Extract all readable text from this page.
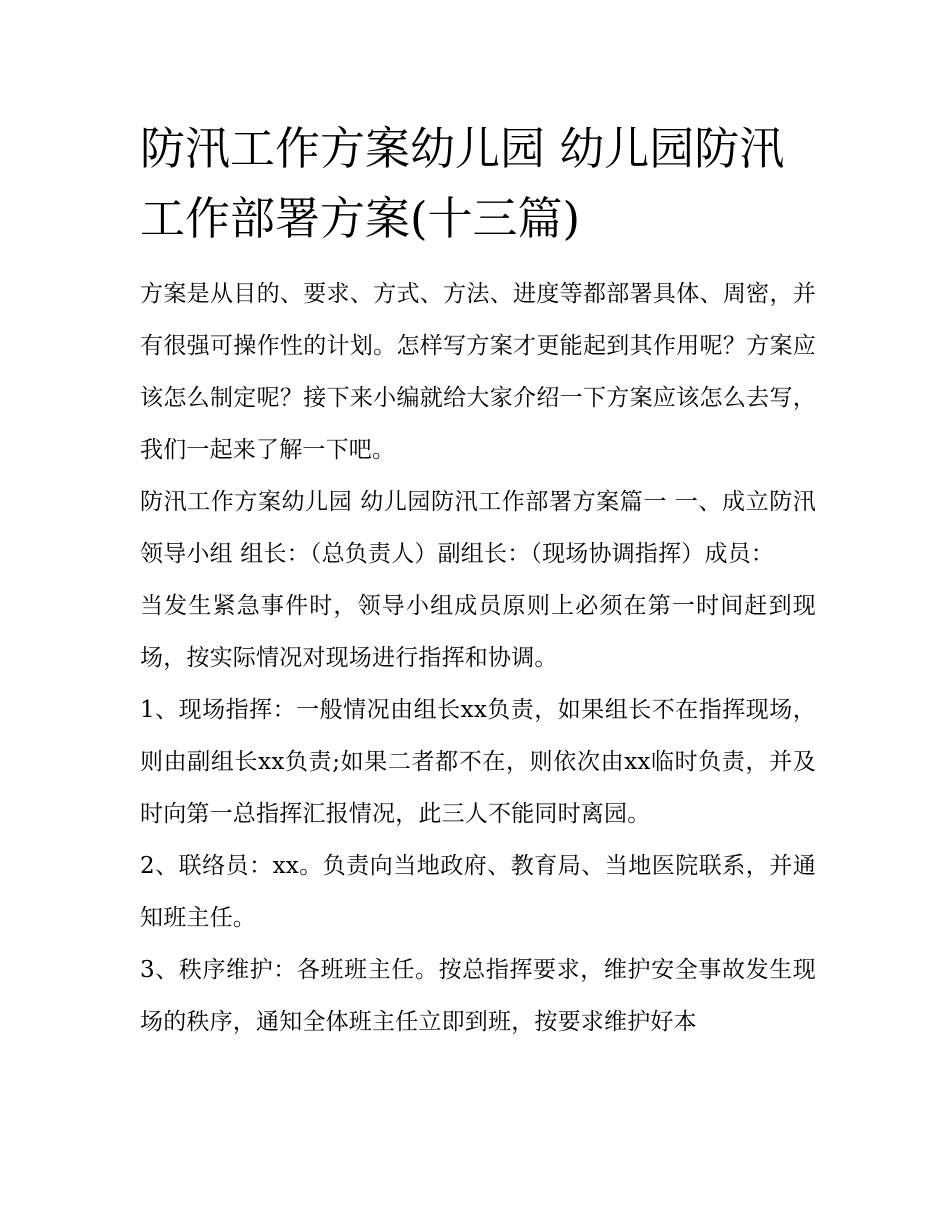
防汛工作方案幼儿园 幼儿园防汛工作部署方案(十三篇)

方案是从目的、要求、方式、方法、进度等都部署具体、周密，并有很强可操作性的计划。怎样写方案才更能起到其作用呢？方案应该怎么制定呢？接下来小编就给大家介绍一下方案应该怎么去写，我们一起来了解一下吧。

防汛工作方案幼儿园 幼儿园防汛工作部署方案篇一 一、成立防汛领导小组 组长：（总负责人）副组长：（现场协调指挥）成员：

当发生紧急事件时，领导小组成员原则上必须在第一时间赶到现场，按实际情况对现场进行指挥和协调。

1、现场指挥：一般情况由组长xx负责，如果组长不在指挥现场，则由副组长xx负责;如果二者都不在，则依次由xx临时负责，并及时向第一总指挥汇报情况，此三人不能同时离园。

2、联络员：xx。负责向当地政府、教育局、当地医院联系，并通知班主任。

3、秩序维护：各班班主任。按总指挥要求，维护安全事故发生现场的秩序，通知全体班主任立即到班，按要求维护好本
